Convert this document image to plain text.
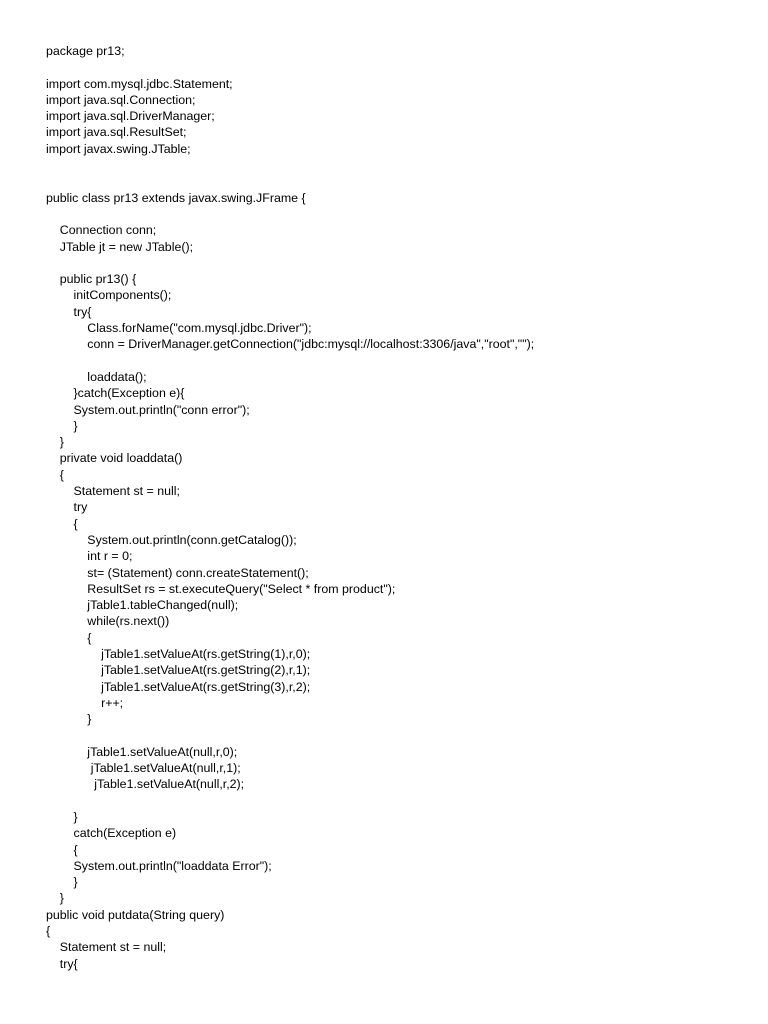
package pr13;
import com.mysql.jdbc.Statement;
import java.sql.Connection;
import java.sql.DriverManager;
import java.sql.ResultSet;
import javax.swing.JTable;
public class pr13 extends javax.swing.JFrame {
Connection conn;
JTable jt = new JTable();
public pr13() {
initComponents();
try{
Class.forName("com.mysql.jdbc.Driver");
conn = DriverManager.getConnection("jdbc:mysql://localhost:3306/java","root","");
loaddata();
}catch(Exception e){
System.out.println("conn error");
}
}
private void loaddata()
{
Statement st = null;
try
{
System.out.println(conn.getCatalog());
int r = 0;
st= (Statement) conn.createStatement();
ResultSet rs = st.executeQuery("Select * from product");
jTable1.tableChanged(null);
while(rs.next())
{
jTable1.setValueAt(rs.getString(1),r,0);
jTable1.setValueAt(rs.getString(2),r,1);
jTable1.setValueAt(rs.getString(3),r,2);
r++;
}
jTable1.setValueAt(null,r,0);
jTable1.setValueAt(null,r,1);
jTable1.setValueAt(null,r,2);
}
catch(Exception e)
{
System.out.println("loaddata Error");
}
}
public void putdata(String query)
{
Statement st = null;
try{
